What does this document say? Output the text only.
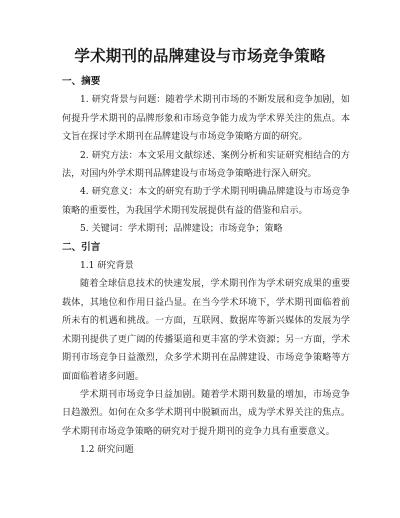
学术期刊的品牌建设与市场竞争策略
一、摘要

1. 研究背景与问题：随着学术期刊市场的不断发展和竞争加剧，如何提升学术期刊的品牌形象和市场竞争能力成为学术界关注的焦点。本文旨在探讨学术期刊在品牌建设与市场竞争策略方面的研究。

2. 研究方法：本文采用文献综述、案例分析和实证研究相结合的方法，对国内外学术期刊品牌建设与市场竞争策略进行深入研究。

4. 研究意义：本文的研究有助于学术期刊明确品牌建设与市场竞争策略的重要性，为我国学术期刊发展提供有益的借鉴和启示。

5. 关键词：学术期刊；品牌建设；市场竞争；策略

二、引言

1.1 研究背景

随着全球信息技术的快速发展，学术期刊作为学术研究成果的重要载体，其地位和作用日益凸显。在当今学术环境下，学术期刊面临着前所未有的机遇和挑战。一方面，互联网、数据库等新兴媒体的发展为学术期刊提供了更广阔的传播渠道和更丰富的学术资源；另一方面，学术期刊市场竞争日益激烈，众多学术期刊在品牌建设、市场竞争策略等方面面临着诸多问题。

学术期刊市场竞争日益加剧。随着学术期刊数量的增加，市场竞争日趋激烈。如何在众多学术期刊中脱颖而出，成为学术界关注的焦点。学术期刊市场竞争策略的研究对于提升期刊的竞争力具有重要意义。

1.2 研究问题
